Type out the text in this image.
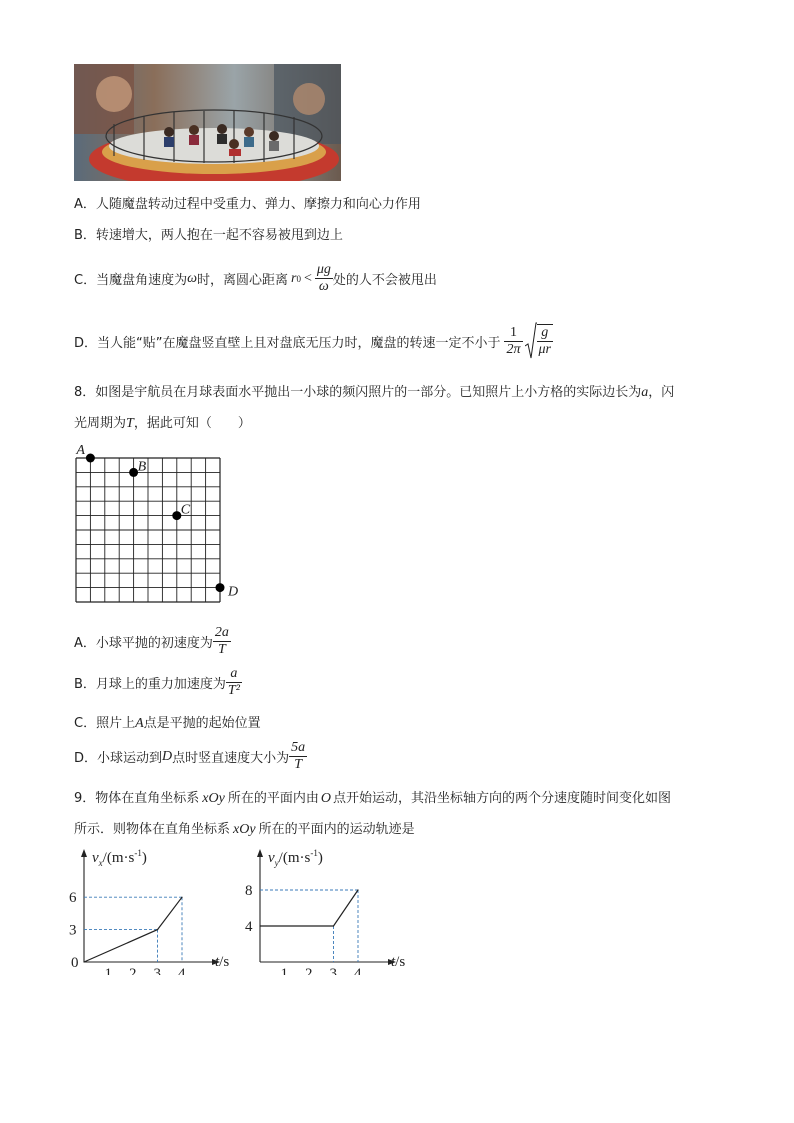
A．人随魔盘转动过程中受重力、弹力、摩擦力和向心力作用
B．转速增大，两人抱在一起不容易被甩到边上
C．当魔盘角速度为 ω 时，离圆心距离 r $0 < \frac{\mu g}{\omega}$ 处的人不会被甩出
D．当人能“贴”在魔盘竖直壁上且对盘底无压力时，魔盘的转速一定不小于 $\frac{1}{2\pi} \frac{g}{\mu r}$
8．如图是宇航员在月球表面水平抛出一小球的频闪照片的一部分。已知照片上小方格的实际边长为a，闪
光周期为T，据此可知（　　）
A
B
C
D
A．小球平抛的初速度为 $\frac{2a}{T}$
B．月球上的重力加速度为 $\frac{a}{\text{T²}}$
C．照片上A点是平抛的起始位置
D．小球运动到 D 点时竖直速度大小为 $\frac{5a}{T}$
9．物体在直角坐标系 xOy 所在的平面内由 O 点开始运动，其沿坐标轴方向的两个分速度随时间变化如图
所示．则物体在直角坐标系 xOy 所在的平面内的运动轨迹是
$v_x/(m\cdot s^{-1})$
t/s
0
1 2 3 4
3
6
$v_y/(m\cdot s^{-1})$
t/s
1 2 3 4
4
8
